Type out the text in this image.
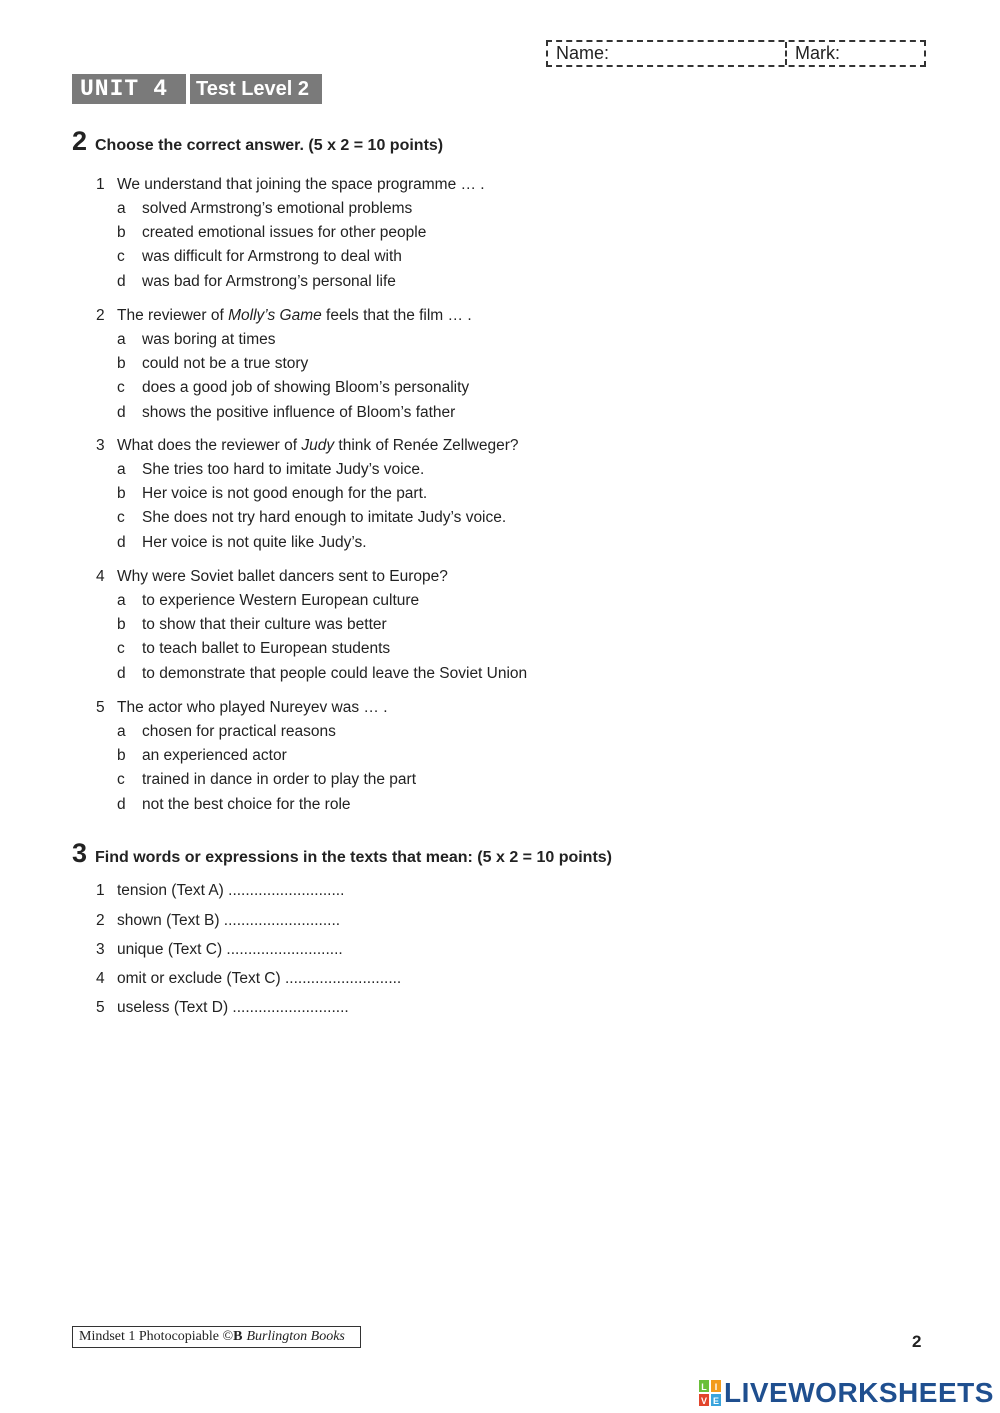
Name:	Mark:
UNIT 4	Test Level 2
2 Choose the correct answer. (5 x 2 = 10 points)
1 We understand that joining the space programme … .
a	solved Armstrong’s emotional problems
b	created emotional issues for other people
c	was difficult for Armstrong to deal with
d	was bad for Armstrong’s personal life
2 The reviewer of Molly’s Game feels that the film … .
a	was boring at times
b	could not be a true story
c	does a good job of showing Bloom’s personality
d	shows the positive influence of Bloom’s father
3 What does the reviewer of Judy think of Renée Zellweger?
a	She tries too hard to imitate Judy’s voice.
b	Her voice is not good enough for the part.
c	She does not try hard enough to imitate Judy’s voice.
d	Her voice is not quite like Judy’s.
4 Why were Soviet ballet dancers sent to Europe?
a	to experience Western European culture
b	to show that their culture was better
c	to teach ballet to European students
d	to demonstrate that people could leave the Soviet Union
5 The actor who played Nureyev was … .
a	chosen for practical reasons
b	an experienced actor
c	trained in dance in order to play the part
d	not the best choice for the role
3 Find words or expressions in the texts that mean: (5 x 2 = 10 points)
1 tension (Text A) ...........................
2 shown (Text B) ...........................
3 unique (Text C) ...........................
4 omit or exclude (Text C) ...........................
5 useless (Text D) ...........................
Mindset 1 Photocopiable © B Burlington Books	2
L I
V E LIVEWORKSHEETS
